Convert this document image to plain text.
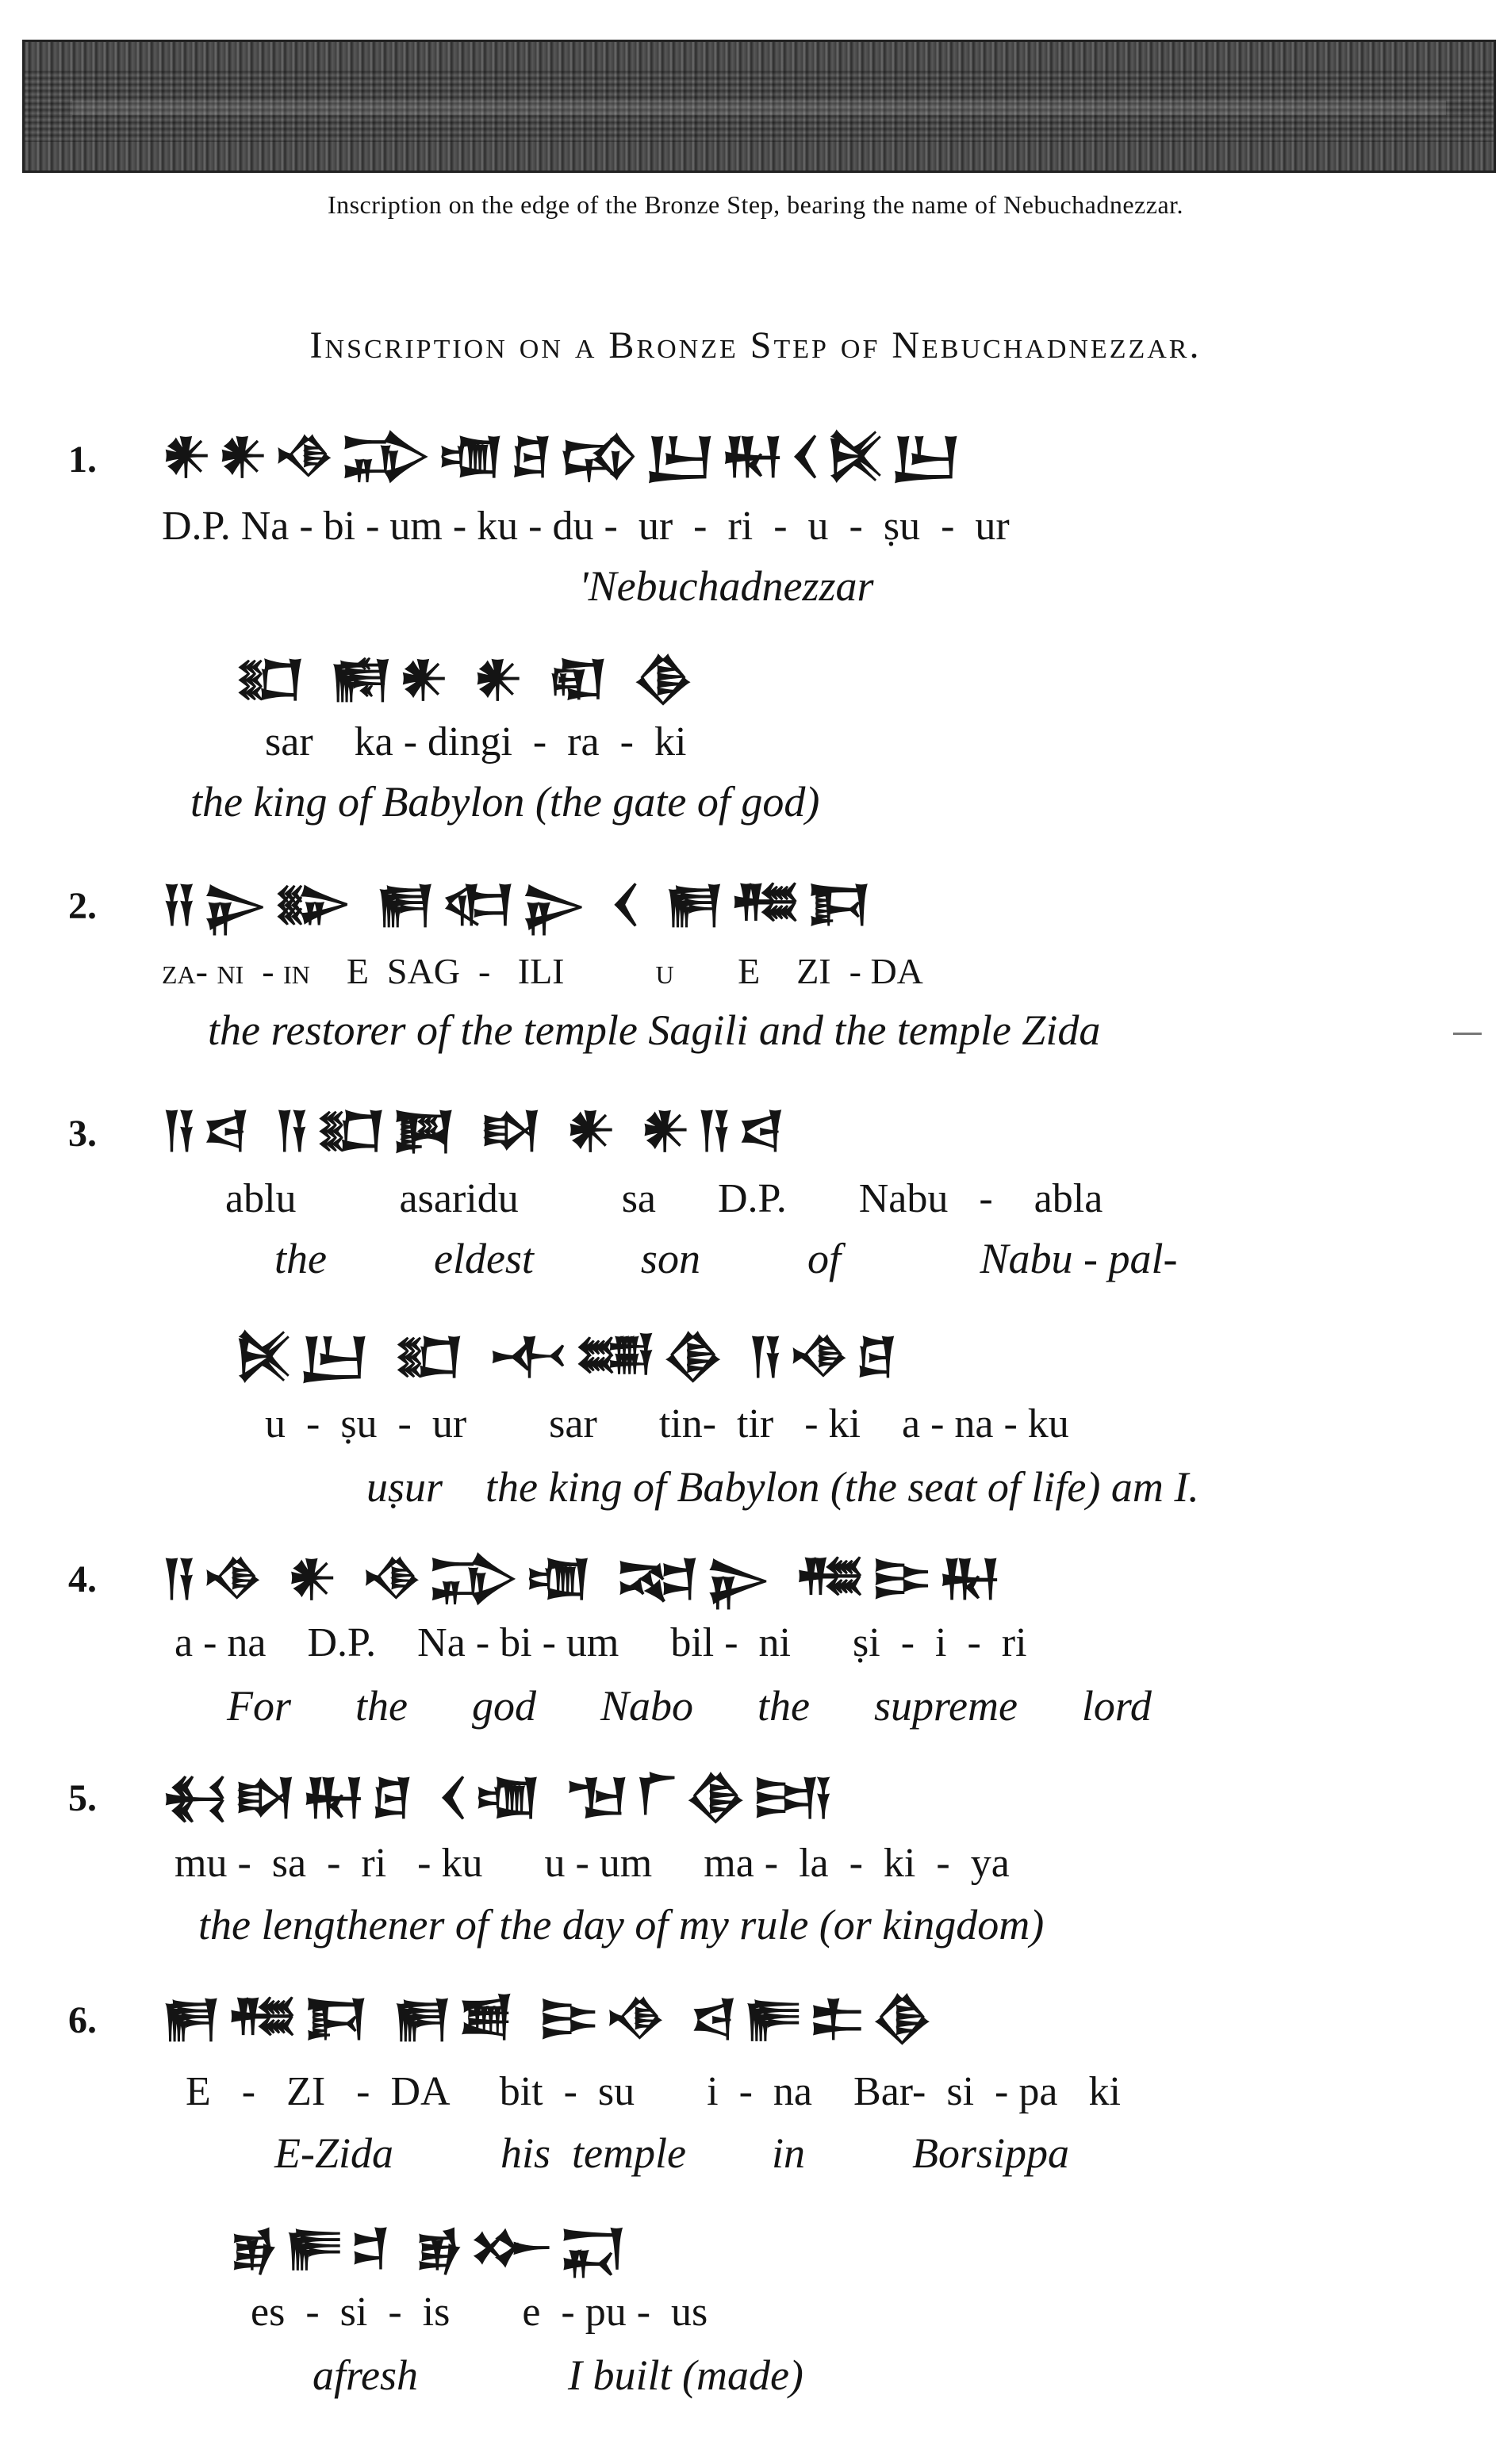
Inscription on the edge of the Bronze Step, bearing the name of Nebuchadnezzar.
Inscription on a Bronze Step of Nebuchadnezzar.
1. 𒀭𒀭𒈾𒁉𒌝𒆪𒄘𒌨𒊑𒌋𒍮𒌨
D.P. Na - bi - um - ku - du -  ur  -  ri  -  u  -  ṣu  -  ur
'Nebuchadnezzar
𒊬 𒆍𒀭 𒀭 𒊏 𒆠
sar    ka - dingi  -  ra  -  ki
the king of Babylon (the gate of god)
2. 𒍝𒉌𒅔 𒂍𒊕𒉌 𒌋 𒂍𒍣𒁕
za- ni  - in    E  SAG  -   ILI          u       E    ZI  - DA
the restorer of the temple Sagili and the temple Zida
3. 𒀀𒁀 𒀀𒊬𒀉 𒊭 𒀭 𒀭𒀀𒁀
ablu          asaridu          sa      D.P.       Nabu   -    abla
the          eldest          son          of             Nabu - pal-
𒍮𒌨 𒊬 𒋾𒌁𒆠 𒀀𒈾𒆪
u  -  ṣu  -  ur        sar      tin-  tir   - ki    a - na - ku
uṣur    the king of Babylon (the seat of life) am I.
4. 𒀀𒈾 𒀭 𒈾𒁉𒌝 𒉈𒉌 𒍣𒄿𒊑
a - na    D.P.    Na - bi - um     bil -  ni      ṣi  -  i  -  ri
For      the      god      Nabo      the      supreme      lord
5. 𒈬𒊭𒊑𒆪 𒌋𒌝 𒈠𒇲𒆠𒅀
mu -  sa  -  ri   - ku      u - um     ma -  la  -  ki  -  ya
the lengthener of the day of my rule (or kingdom)
6. 𒂍𒍣𒁕 𒂍𒋢 𒄿𒈾 𒁀𒊓𒉺𒆠
E   -   ZI   -  DA     bit  -  su       i  -  na    Bar-  si  - pa   ki
E-Zida          his  temple        in          Borsippa
𒂊𒊓𒄑 𒂊𒁍𒍑
es  -  si  -  is       e  - pu -  us
afresh              I built (made)
